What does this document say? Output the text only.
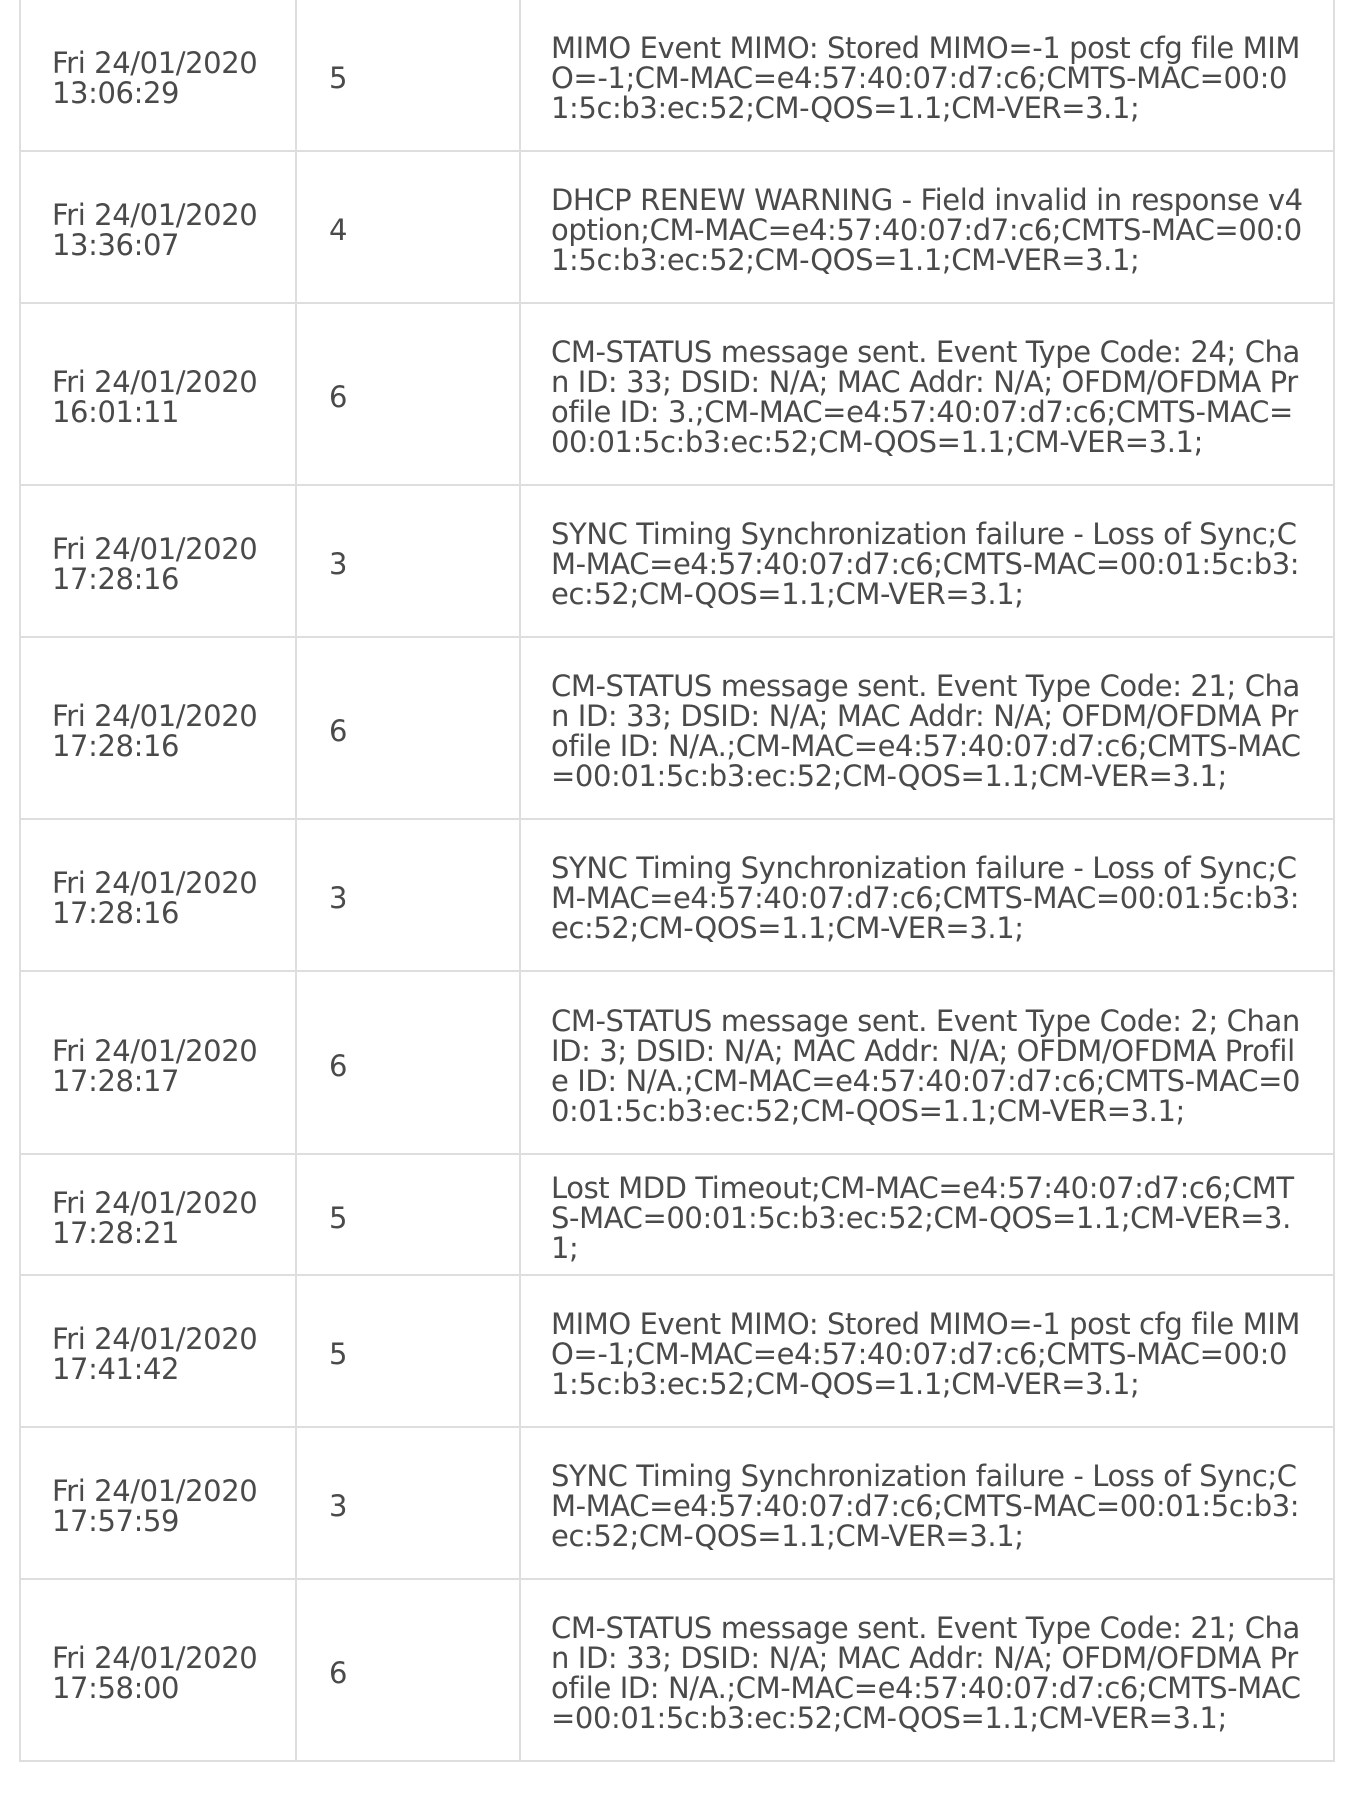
Fri 24/01/2020
13:06:29	5	MIMO Event MIMO: Stored MIMO=-1 post cfg file MIMO=-1;CM-MAC=e4:57:40:07:d7:c6;CMTS-MAC=00:01:5c:b3:ec:52;CM-QOS=1.1;CM-VER=3.1;

Fri 24/01/2020
13:36:07	4	DHCP RENEW WARNING - Field invalid in response v4 option;CM-MAC=e4:57:40:07:d7:c6;CMTS-MAC=00:01:5c:b3:ec:52;CM-QOS=1.1;CM-VER=3.1;

Fri 24/01/2020
16:01:11	6	CM-STATUS message sent. Event Type Code: 24; Chan ID: 33; DSID: N/A; MAC Addr: N/A; OFDM/OFDMA Profile ID: 3.;CM-MAC=e4:57:40:07:d7:c6;CMTS-MAC=00:01:5c:b3:ec:52;CM-QOS=1.1;CM-VER=3.1;

Fri 24/01/2020
17:28:16	3	SYNC Timing Synchronization failure - Loss of Sync;CM-MAC=e4:57:40:07:d7:c6;CMTS-MAC=00:01:5c:b3:ec:52;CM-QOS=1.1;CM-VER=3.1;

Fri 24/01/2020
17:28:16	6	CM-STATUS message sent. Event Type Code: 21; Chan ID: 33; DSID: N/A; MAC Addr: N/A; OFDM/OFDMA Profile ID: N/A.;CM-MAC=e4:57:40:07:d7:c6;CMTS-MAC=00:01:5c:b3:ec:52;CM-QOS=1.1;CM-VER=3.1;

Fri 24/01/2020
17:28:16	3	SYNC Timing Synchronization failure - Loss of Sync;CM-MAC=e4:57:40:07:d7:c6;CMTS-MAC=00:01:5c:b3:ec:52;CM-QOS=1.1;CM-VER=3.1;

Fri 24/01/2020
17:28:17	6	CM-STATUS message sent. Event Type Code: 2; Chan ID: 3; DSID: N/A; MAC Addr: N/A; OFDM/OFDMA Profile ID: N/A.;CM-MAC=e4:57:40:07:d7:c6;CMTS-MAC=00:01:5c:b3:ec:52;CM-QOS=1.1;CM-VER=3.1;

Fri 24/01/2020
17:28:21	5	Lost MDD Timeout;CM-MAC=e4:57:40:07:d7:c6;CMTS-MAC=00:01:5c:b3:ec:52;CM-QOS=1.1;CM-VER=3.1;

Fri 24/01/2020
17:41:42	5	MIMO Event MIMO: Stored MIMO=-1 post cfg file MIMO=-1;CM-MAC=e4:57:40:07:d7:c6;CMTS-MAC=00:01:5c:b3:ec:52;CM-QOS=1.1;CM-VER=3.1;

Fri 24/01/2020
17:57:59	3	SYNC Timing Synchronization failure - Loss of Sync;CM-MAC=e4:57:40:07:d7:c6;CMTS-MAC=00:01:5c:b3:ec:52;CM-QOS=1.1;CM-VER=3.1;

Fri 24/01/2020
17:58:00	6	CM-STATUS message sent. Event Type Code: 21; Chan ID: 33; DSID: N/A; MAC Addr: N/A; OFDM/OFDMA Profile ID: N/A.;CM-MAC=e4:57:40:07:d7:c6;CMTS-MAC=00:01:5c:b3:ec:52;CM-QOS=1.1;CM-VER=3.1;
